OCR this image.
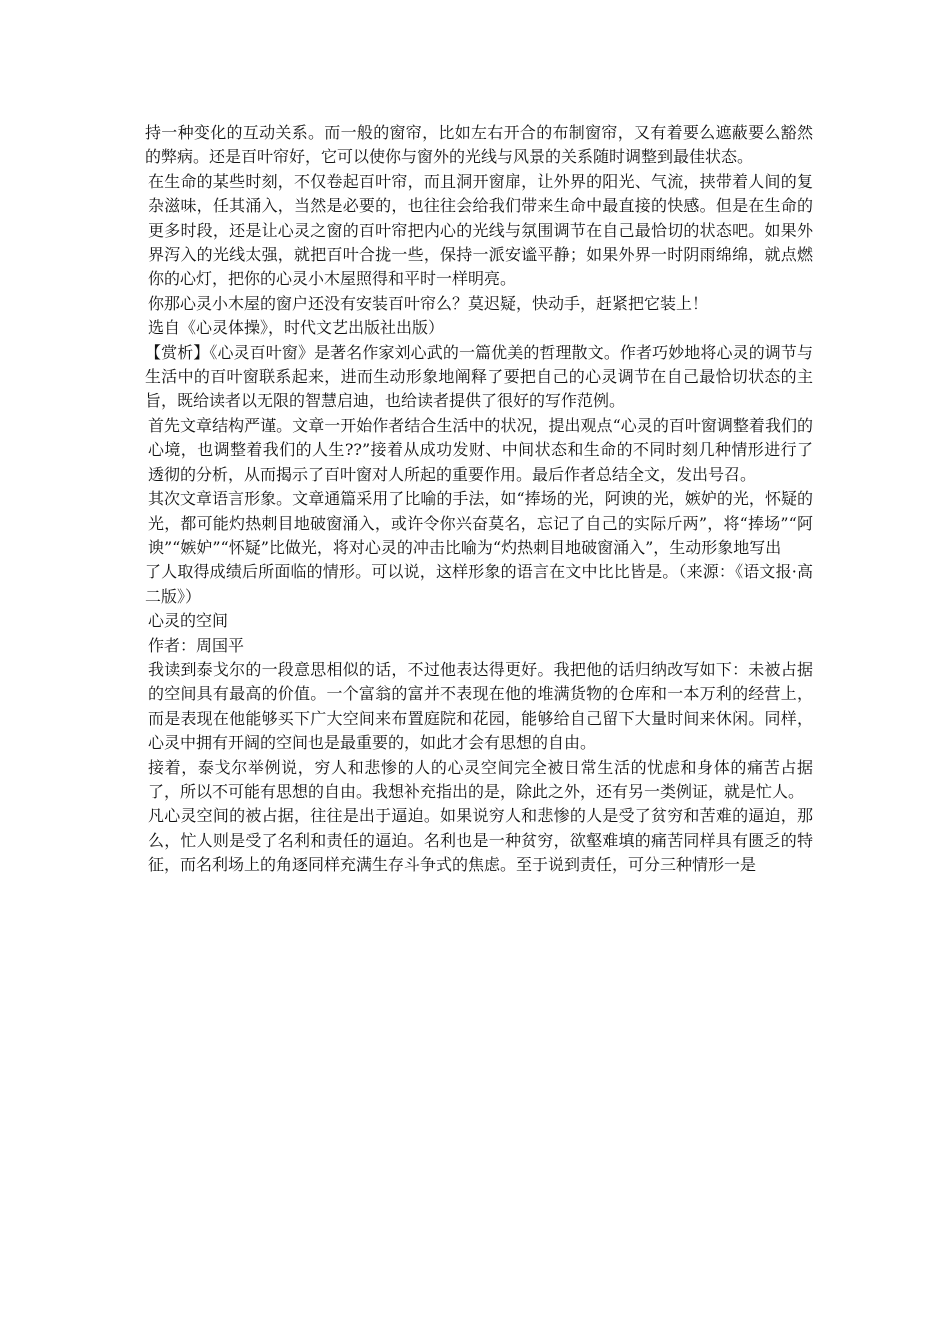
持一种变化的互动关系。而一般的窗帘，比如左右开合的布制窗帘，又有着要么遮蔽要么豁然的弊病。还是百叶帘好，它可以使你与窗外的光线与风景的关系随时调整到最佳状态。

在生命的某些时刻，不仅卷起百叶帘，而且洞开窗扉，让外界的阳光、气流，挟带着人间的复杂滋味，任其涌入，当然是必要的，也往往会给我们带来生命中最直接的快感。但是在生命的更多时段，还是让心灵之窗的百叶帘把内心的光线与氛围调节在自己最恰切的状态吧。如果外界泻入的光线太强，就把百叶合拢一些，保持一派安谧平静；如果外界一时阴雨绵绵，就点燃你的心灯，把你的心灵小木屋照得和平时一样明亮。

你那心灵小木屋的窗户还没有安装百叶帘么？莫迟疑，快动手，赶紧把它装上！

选自《心灵体操》，时代文艺出版社出版）

【赏析】《心灵百叶窗》是著名作家刘心武的一篇优美的哲理散文。作者巧妙地将心灵的调节与生活中的百叶窗联系起来，进而生动形象地阐释了要把自己的心灵调节在自己最恰切状态的主旨，既给读者以无限的智慧启迪，也给读者提供了很好的写作范例。

首先文章结构严谨。文章一开始作者结合生活中的状况，提出观点“心灵的百叶窗调整着我们的心境，也调整着我们的人生??”接着从成功发财、中间状态和生命的不同时刻几种情形进行了透彻的分析，从而揭示了百叶窗对人所起的重要作用。最后作者总结全文，发出号召。

其次文章语言形象。文章通篇采用了比喻的手法，如“捧场的光，阿谀的光，嫉妒的光，怀疑的光，都可能灼热刺目地破窗涌入，或许令你兴奋莫名，忘记了自己的实际斤两”，将“捧场”“阿谀”“嫉妒”“怀疑”比做光，将对心灵的冲击比喻为“灼热刺目地破窗涌入”，生动形象地写出

了人取得成绩后所面临的情形。可以说，这样形象的语言在文中比比皆是。（来源：《语文报·高二版》）

心灵的空间

作者：周国平

我读到泰戈尔的一段意思相似的话，不过他表达得更好。我把他的话归纳改写如下：未被占据的空间具有最高的价值。一个富翁的富并不表现在他的堆满货物的仓库和一本万利的经营上，而是表现在他能够买下广大空间来布置庭院和花园，能够给自己留下大量时间来休闲。同样，心灵中拥有开阔的空间也是最重要的，如此才会有思想的自由。

接着，泰戈尔举例说，穷人和悲惨的人的心灵空间完全被日常生活的忧虑和身体的痛苦占据了，所以不可能有思想的自由。我想补充指出的是，除此之外，还有另一类例证，就是忙人。

凡心灵空间的被占据，往往是出于逼迫。如果说穷人和悲惨的人是受了贫穷和苦难的逼迫，那么，忙人则是受了名利和责任的逼迫。名利也是一种贫穷，欲壑难填的痛苦同样具有匮乏的特征，而名利场上的角逐同样充满生存斗争式的焦虑。至于说到责任，可分三种情形一是
